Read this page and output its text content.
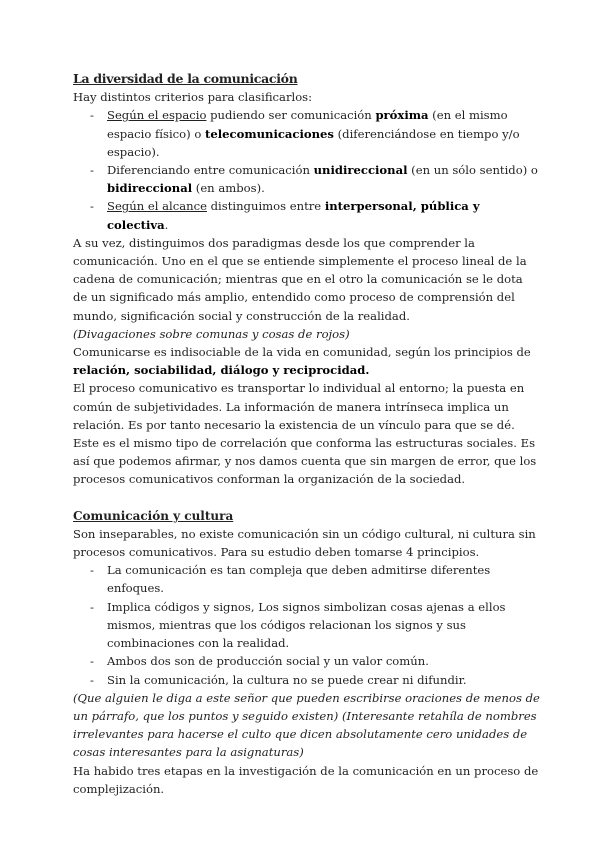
La diversidad de la comunicación

Hay distintos criterios para clasificarlos:

- Según el espacio pudiendo ser comunicación próxima (en el mismo espacio físico) o telecomunicaciones (diferenciándose en tiempo y/o espacio).
- Diferenciando entre comunicación unidireccional (en un sólo sentido) o bidireccional (en ambos).
- Según el alcance distinguimos entre interpersonal, pública y colectiva.

A su vez, distinguimos dos paradigmas desde los que comprender la comunicación. Uno en el que se entiende simplemente el proceso lineal de la cadena de comunicación; mientras que en el otro la comunicación se le dota de un significado más amplio, entendido como proceso de comprensión del mundo, significación social y construcción de la realidad.

(Divagaciones sobre comunas y cosas de rojos)

Comunicarse es indisociable de la vida en comunidad, según los principios de relación, sociabilidad, diálogo y reciprocidad.

El proceso comunicativo es transportar lo individual al entorno; la puesta en común de subjetividades. La información de manera intrínseca implica un relación. Es por tanto necesario la existencia de un vínculo para que se dé. Este es el mismo tipo de correlación que conforma las estructuras sociales. Es así que podemos afirmar, y nos damos cuenta que sin margen de error, que los procesos comunicativos conforman la organización de la sociedad.

Comunicación y cultura

Son inseparables, no existe comunicación sin un código cultural, ni cultura sin procesos comunicativos. Para su estudio deben tomarse 4 principios.

- La comunicación es tan compleja que deben admitirse diferentes enfoques.
- Implica códigos y signos, Los signos simbolizan cosas ajenas a ellos mismos, mientras que los códigos relacionan los signos y sus combinaciones con la realidad.
- Ambos dos son de producción social y un valor común.
- Sin la comunicación, la cultura no se puede crear ni difundir.

(Que alguien le diga a este señor que pueden escribirse oraciones de menos de un párrafo, que los puntos y seguido existen) (Interesante retahíla de nombres irrelevantes para hacerse el culto que dicen absolutamente cero unidades de cosas interesantes para la asignaturas)

Ha habido tres etapas en la investigación de la comunicación en un proceso de complejización.
